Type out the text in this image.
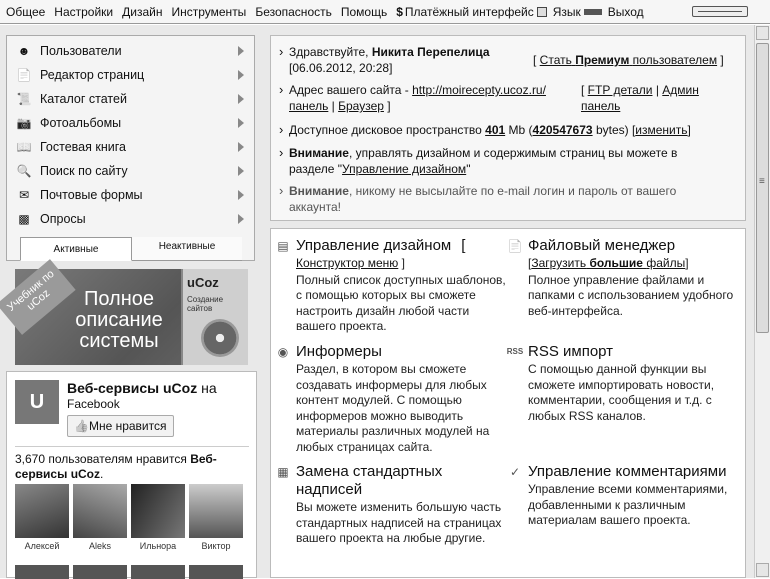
Общее Настройки Дизайн Инструменты Безопасность Помощь $ Платёжный интерфейс Язык Выход
☻ Пользователи
📄 Редактор страниц
📜 Каталог статей
📷 Фотоальбомы
📖 Гостевая книга
🔍 Поиск по сайту
✉ Почтовые формы
▩ Опросы
Активные	Неактивные
Учебник по uCoz	Полное описание системы
uCoz
Создание сайтов
U
Веб-сервисы uCoz на
Facebook
👍Мне нравится
3,670 пользователям нравится Веб-сервисы uCoz.
Алексей	Aleks	Ильнора	Виктор
› Здравствуйте, Никита Перепелица
[06.06.2012, 20:28]
[ Стать Премиум пользователем ]
› Адрес вашего сайта - http://moirecepty.ucoz.ru/	[ FTP детали | Админ панель
панель | Браузер ]
› Доступное дисковое пространство 401 Mb (420547673 bytes) [изменить]
› Внимание, управлять дизайном и содержимым страниц вы можете в разделе "Управление дизайном"
› Внимание, никому не высылайте по e-mail логин и пароль от вашего аккаунта!
▤ Управление дизайном [
Конструктор меню ]
Полный список доступных шаблонов, с помощью которых вы сможете настроить дизайн любой части вашего проекта.
📄 Файловый менеджер
[Загрузить большие файлы]
Полное управление файлами и папками с использованием удобного веб-интерфейса.
◉ Информеры
Раздел, в котором вы сможете создавать информеры для любых контент модулей. С помощью информеров можно выводить материалы различных модулей на любых страницах сайта.
RSS RSS импорт
С помощью данной функции вы сможете импортировать новости, комментарии, сообщения и т.д. с любых RSS каналов.
▦ Замена стандартных надписей
Вы можете изменить большую часть стандартных надписей на страницах вашего проекта на любые другие.
✓ Управление комментариями
Управление всеми комментариями, добавленными к различным материалам вашего проекта.
≡
